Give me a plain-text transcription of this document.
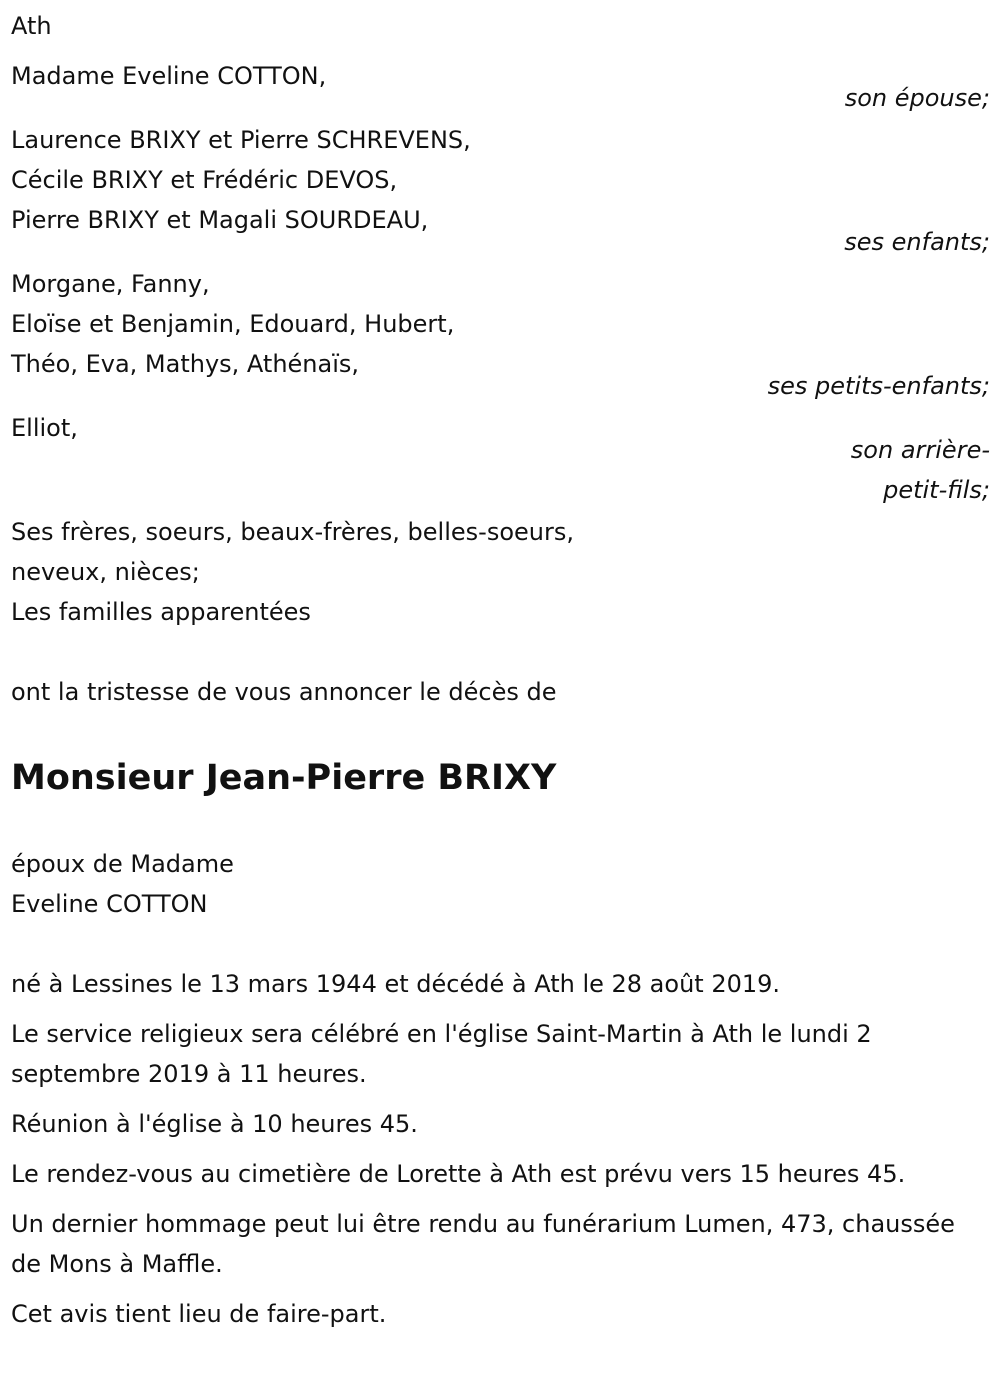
Ath
Madame Eveline COTTON,
son épouse;
Laurence BRIXY et Pierre SCHREVENS,
Cécile BRIXY et Frédéric DEVOS,
Pierre BRIXY et Magali SOURDEAU,
ses enfants;
Morgane, Fanny,
Eloïse et Benjamin, Edouard, Hubert,
Théo, Eva, Mathys, Athénaïs,
ses petits-enfants;
Elliot,
son arrière-
petit-fils;
Ses frères, soeurs, beaux-frères, belles-soeurs,
neveux, nièces;
Les familles apparentées
ont la tristesse de vous annoncer le décès de
Monsieur Jean-Pierre BRIXY
époux de Madame
Eveline COTTON
né à Lessines le 13 mars 1944 et décédé à Ath le 28 août 2019.
Le service religieux sera célébré en l'église Saint-Martin à Ath le lundi 2 septembre 2019 à 11 heures.
Réunion à l'église à 10 heures 45.
Le rendez-vous au cimetière de Lorette à Ath est prévu vers 15 heures 45.
Un dernier hommage peut lui être rendu au funérarium Lumen, 473, chaussée de Mons à Maffle.
Cet avis tient lieu de faire-part.
